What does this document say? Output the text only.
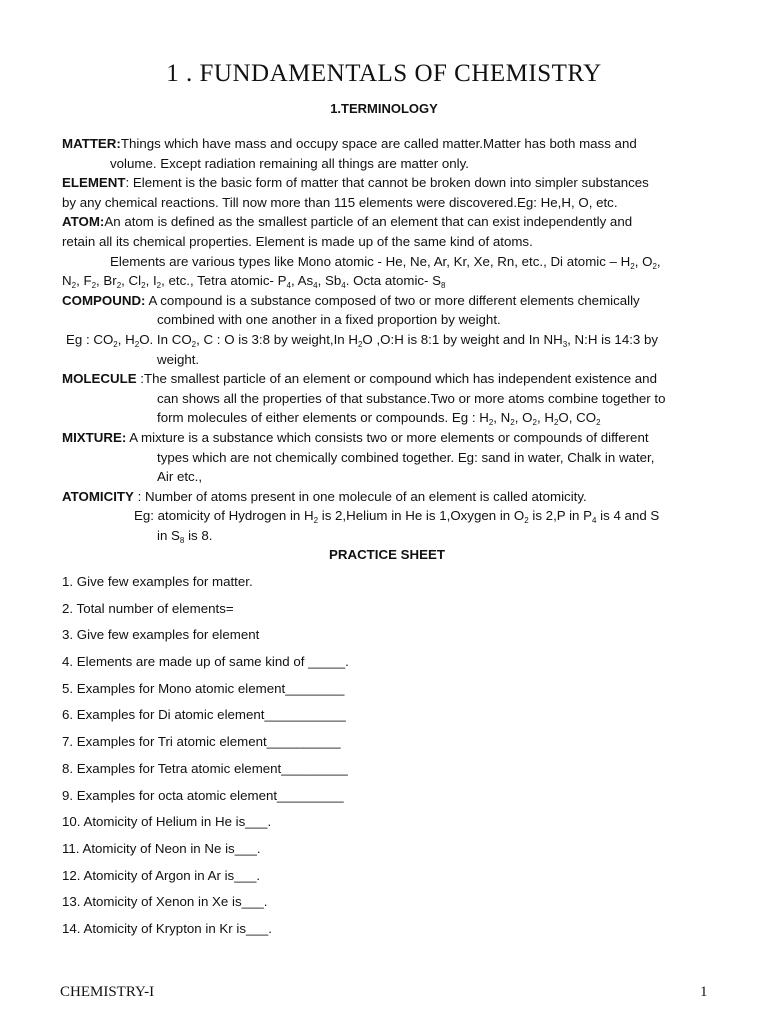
1 . FUNDAMENTALS OF CHEMISTRY
1.TERMINOLOGY

MATTER:Things which have mass and occupy space are called matter.Matter has both mass and

volume. Except radiation remaining all things are matter only.

ELEMENT: Element is the basic form of matter that cannot be broken down into simpler substances

by any chemical reactions. Till now more than 115 elements were discovered.Eg: He,H, O, etc.

ATOM:An atom is defined as the smallest particle of an element that can exist independently and

retain all its chemical properties. Element is made up of the same kind of atoms.

Elements are various types like Mono atomic - He, Ne, Ar, Kr, Xe, Rn, etc., Di atomic – $H_2$, $O_2$,

$N_2$, $F_2$, $Br_2$, $Cl_2$, $I_2$, etc., Tetra atomic- $P_4$, $As_4$, $Sb_4$. Octa atomic- $S_8$

COMPOUND: A compound is a substance composed of two or more different elements chemically

combined with one another in a fixed proportion by weight.

Eg : $CO_2$, $H_2O$. In $CO_2$, C : O is 3:8 by weight,In $H_2O$ ,O:H is 8:1 by weight and In $NH_3$, N:H is 14:3 by

weight.

MOLECULE :The smallest particle of an element or compound which has independent existence and

can shows all the properties of that substance.Two or more atoms combine together to

form molecules of either elements or compounds. Eg : $H_2$, $N_2$, $O_2$, $H_2O$, $CO_2$

MIXTURE: A mixture is a substance which consists two or more elements or compounds of different

types which are not chemically combined together. Eg: sand in water, Chalk in water,

Air etc.,

ATOMICITY : Number of atoms present in one molecule of an element is called atomicity.

Eg: atomicity of Hydrogen in $H_2$ is 2,Helium in He is 1,Oxygen in $O_2$ is 2,P in $P_4$ is 4 and S

in $S_8$ is 8.

PRACTICE SHEET

1. Give few examples for matter.
2. Total number of elements=
3. Give few examples for element
4. Elements are made up of same kind of _____.
5. Examples for Mono atomic element________
6. Examples for Di atomic element___________
7. Examples for Tri atomic element__________
8. Examples for Tetra atomic element_________
9. Examples for octa atomic element_________
10. Atomicity of Helium in He is___.
11. Atomicity of Neon in Ne is___.
12. Atomicity of Argon in Ar is___.
13. Atomicity of Xenon in Xe is___.
14. Atomicity of Krypton in Kr is___.
CHEMISTRY-I	1
